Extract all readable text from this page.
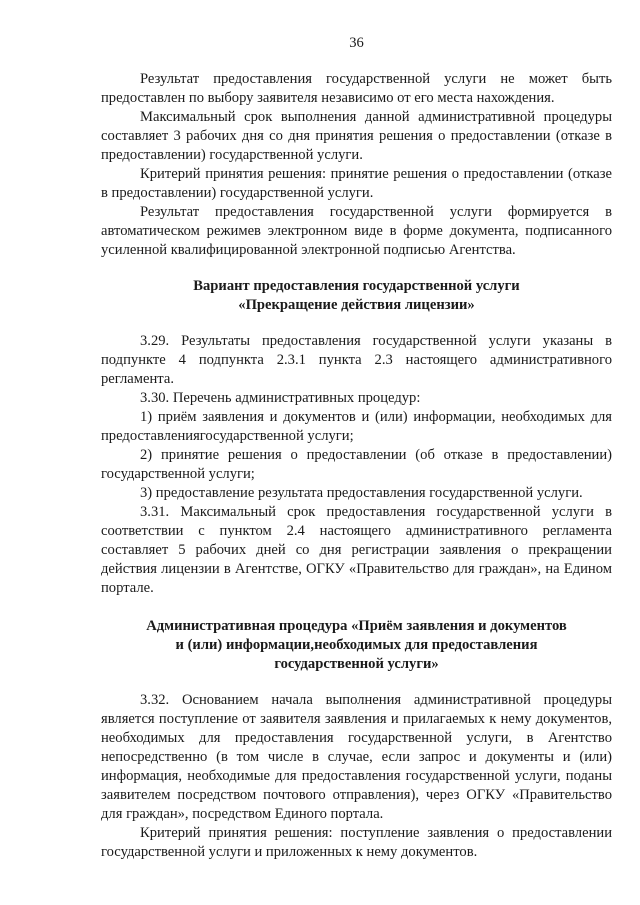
36

Результат предоставления государственной услуги не может быть предоставлен по выбору заявителя независимо от его места нахождения.

Максимальный срок выполнения данной административной процедуры составляет 3 рабочих дня со дня принятия решения о предоставлении (отказе в предоставлении) государственной услуги.

Критерий принятия решения: принятие решения о предоставлении (отказе в предоставлении) государственной услуги.

Результат предоставления государственной услуги формируется в автоматическом режимев электронном виде в форме документа, подписанного усиленной квалифицированной электронной подписью Агентства.

Вариант предоставления государственной услуги
«Прекращение действия лицензии»

3.29. Результаты предоставления государственной услуги указаны в подпункте 4 подпункта 2.3.1 пункта 2.3 настоящего административного регламента.

3.30. Перечень административных процедур:

1) приём заявления и документов и (или) информации, необходимых для предоставлениягосударственной услуги;

2) принятие решения о предоставлении (об отказе в предоставлении) государственной услуги;

3) предоставление результата предоставления государственной услуги.

3.31. Максимальный срок предоставления государственной услуги в соответствии с пунктом 2.4 настоящего административного регламента составляет 5 рабочих дней со дня регистрации заявления о прекращении действия лицензии в Агентстве, ОГКУ «Правительство для граждан», на Едином портале.

Административная процедура «Приём заявления и документов
и (или) информации,необходимых для предоставления
государственной услуги»

3.32. Основанием начала выполнения административной процедуры является поступление от заявителя заявления и прилагаемых к нему документов, необходимых для предоставления государственной услуги, в Агентство непосредственно (в том числе в случае, если запрос и документы и (или) информация, необходимые для предоставления государственной услуги, поданы заявителем посредством почтового отправления), через ОГКУ «Правительство для граждан», посредством Единого портала.

Критерий принятия решения: поступление заявления о предоставлении государственной услуги и приложенных к нему документов.
